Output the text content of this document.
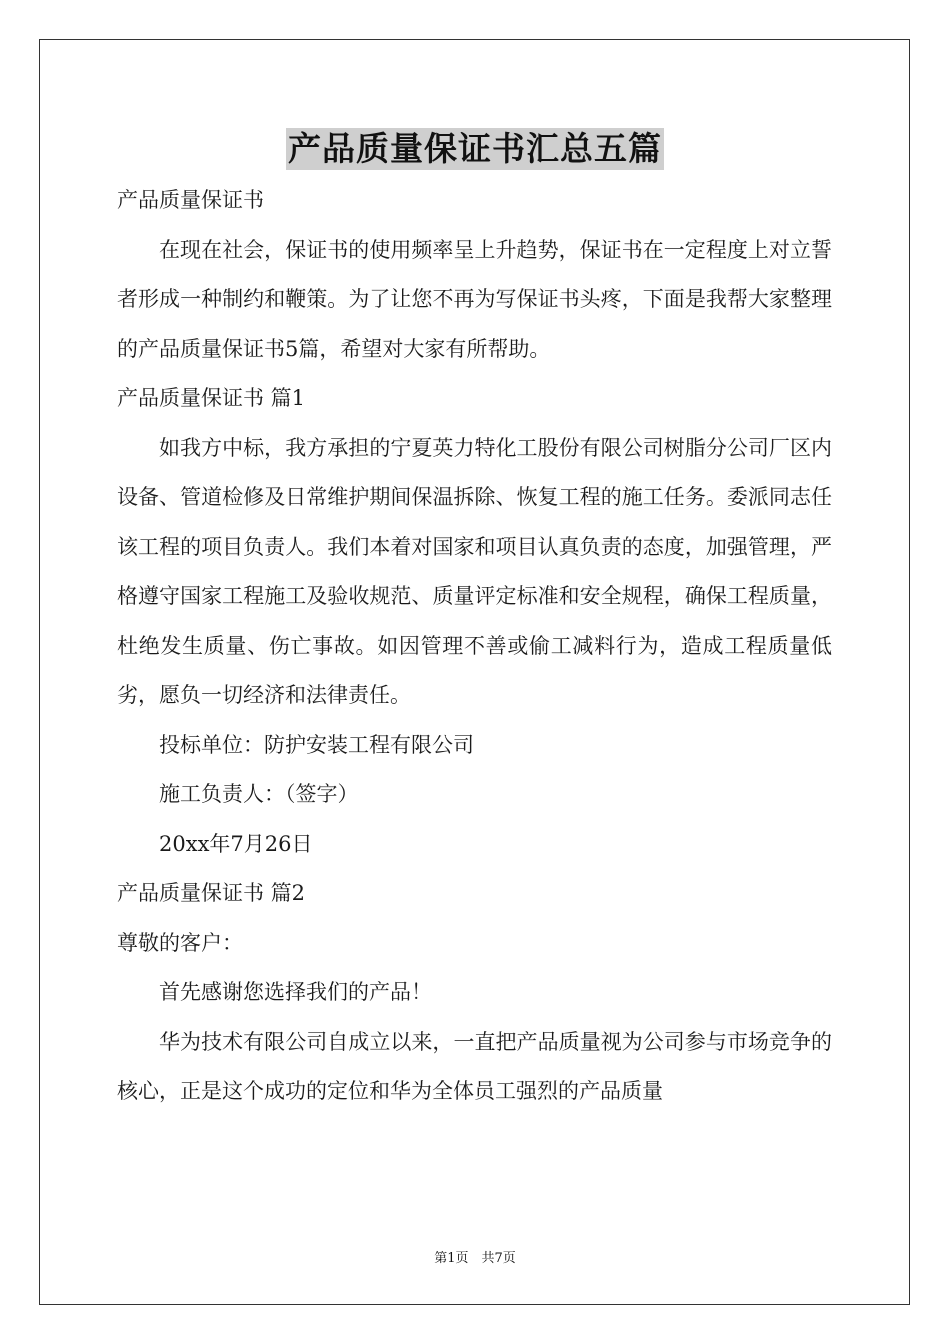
产品质量保证书汇总五篇
产品质量保证书
在现在社会，保证书的使用频率呈上升趋势，保证书在一定程度上对立誓者形成一种制约和鞭策。为了让您不再为写保证书头疼，下面是我帮大家整理的产品质量保证书5篇，希望对大家有所帮助。
产品质量保证书 篇1
如我方中标，我方承担的宁夏英力特化工股份有限公司树脂分公司厂区内设备、管道检修及日常维护期间保温拆除、恢复工程的施工任务。委派同志任该工程的项目负责人。我们本着对国家和项目认真负责的态度，加强管理，严格遵守国家工程施工及验收规范、质量评定标准和安全规程，确保工程质量，杜绝发生质量、伤亡事故。如因管理不善或偷工减料行为，造成工程质量低劣，愿负一切经济和法律责任。
投标单位：防护安装工程有限公司
施工负责人：（签字）
20xx年7月26日
产品质量保证书 篇2
尊敬的客户：
首先感谢您选择我们的产品！
华为技术有限公司自成立以来，一直把产品质量视为公司参与市场竞争的核心，正是这个成功的定位和华为全体员工强烈的产品质量
第1页　共7页
